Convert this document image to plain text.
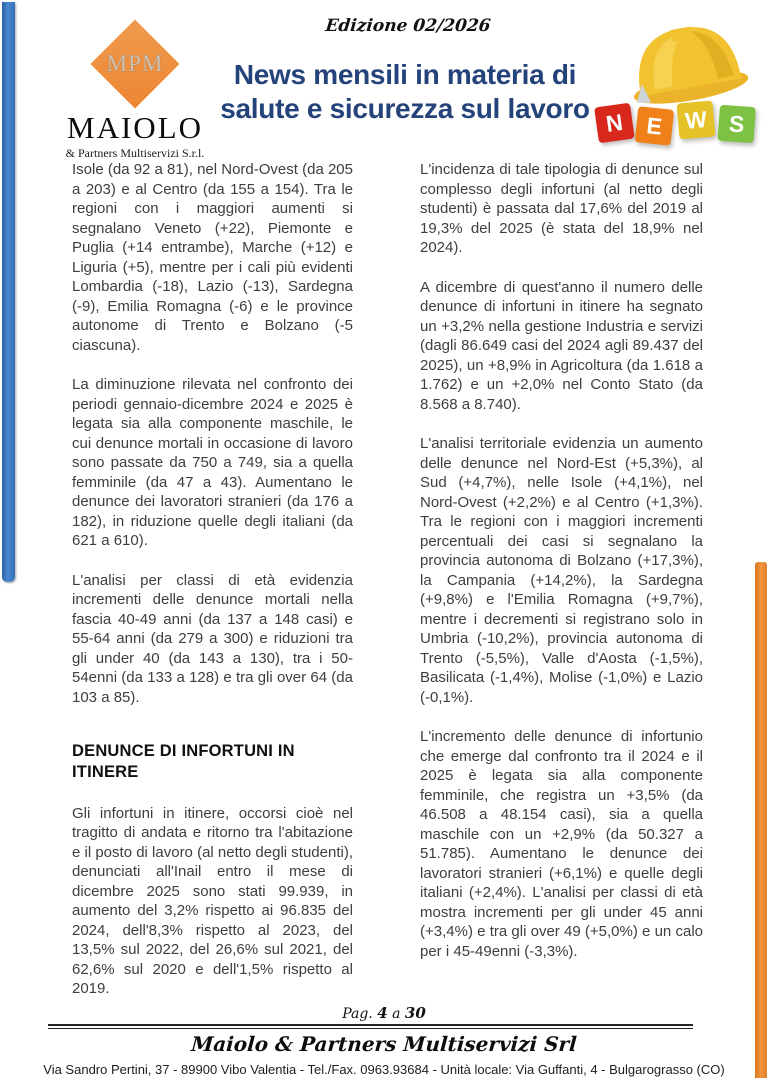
Edizione 02/2026
MPM
MAIOLO
& Partners Multiservizi S.r.l.
News mensili in materia di
salute e sicurezza sul lavoro N E W S

Isole (da 92 a 81), nel Nord-Ovest (da 205 a 203) e al Centro (da 155 a 154). Tra le regioni con i maggiori aumenti si segnalano Veneto (+22), Piemonte e Puglia (+14 entrambe), Marche (+12) e Liguria (+5), mentre per i cali più evidenti Lombardia (-18), Lazio (-13), Sardegna (-9), Emilia Romagna (-6) e le province autonome di Trento e Bolzano (-5 ciascuna).

La diminuzione rilevata nel confronto dei periodi gennaio-dicembre 2024 e 2025 è legata sia alla componente maschile, le cui denunce mortali in occasione di lavoro sono passate da 750 a 749, sia a quella femminile (da 47 a 43). Aumentano le denunce dei lavoratori stranieri (da 176 a 182), in riduzione quelle degli italiani (da 621 a 610).

L'analisi per classi di età evidenzia incrementi delle denunce mortali nella fascia 40-49 anni (da 137 a 148 casi) e 55-64 anni (da 279 a 300) e riduzioni tra gli under 40 (da 143 a 130), tra i 50-54enni (da 133 a 128) e tra gli over 64 (da 103 a 85).

DENUNCE DI INFORTUNI IN ITINERE

Gli infortuni in itinere, occorsi cioè nel tragitto di andata e ritorno tra l'abitazione e il posto di lavoro (al netto degli studenti), denunciati all'Inail entro il mese di dicembre 2025 sono stati 99.939, in aumento del 3,2% rispetto ai 96.835 del 2024, dell'8,3% rispetto al 2023, del 13,5% sul 2022, del 26,6% sul 2021, del 62,6% sul 2020 e dell'1,5% rispetto al 2019.

L'incidenza di tale tipologia di denunce sul complesso degli infortuni (al netto degli studenti) è passata dal 17,6% del 2019 al 19,3% del 2025 (è stata del 18,9% nel 2024).

A dicembre di quest'anno il numero delle denunce di infortuni in itinere ha segnato un +3,2% nella gestione Industria e servizi (dagli 86.649 casi del 2024 agli 89.437 del 2025), un +8,9% in Agricoltura (da 1.618 a 1.762) e un +2,0% nel Conto Stato (da 8.568 a 8.740).

L'analisi territoriale evidenzia un aumento delle denunce nel Nord-Est (+5,3%), al Sud (+4,7%), nelle Isole (+4,1%), nel Nord-Ovest (+2,2%) e al Centro (+1,3%). Tra le regioni con i maggiori incrementi percentuali dei casi si segnalano la provincia autonoma di Bolzano (+17,3%), la Campania (+14,2%), la Sardegna (+9,8%) e l'Emilia Romagna (+9,7%), mentre i decrementi si registrano solo in Umbria (-10,2%), provincia autonoma di Trento (-5,5%), Valle d'Aosta (-1,5%), Basilicata (-1,4%), Molise (-1,0%) e Lazio (-0,1%).

L'incremento delle denunce di infortunio che emerge dal confronto tra il 2024 e il 2025 è legata sia alla componente femminile, che registra un +3,5% (da 46.508 a 48.154 casi), sia a quella maschile con un +2,9% (da 50.327 a 51.785). Aumentano le denunce dei lavoratori stranieri (+6,1%) e quelle degli italiani (+2,4%). L'analisi per classi di età mostra incrementi per gli under 45 anni (+3,4%) e tra gli over 49 (+5,0%) e un calo per i 45-49enni (-3,3%).

Pag. 4 a 30
Maiolo & Partners Multiservizi Srl
Via Sandro Pertini, 37 - 89900 Vibo Valentia - Tel./Fax. 0963.93684 - Unità locale: Via Guffanti, 4 - Bulgarograsso (CO)
